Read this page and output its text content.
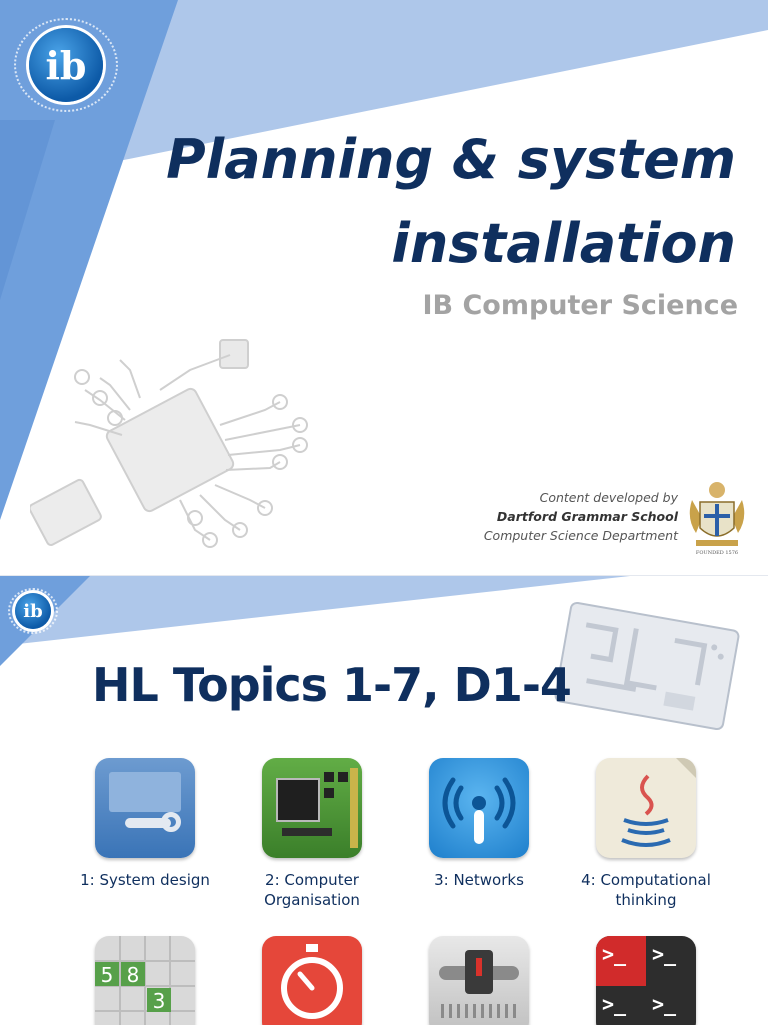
ib
Planning & system
installation
IB Computer Science
Content developed by
Dartford Grammar School
Computer Science Department
FOUNDED 1576
ib
HL Topics 1-7, D1-4
1: System design	2: Computer
Organisation
3: Networks	4: Computational
thinking
5 8
3
>_ >_
>_ >_
